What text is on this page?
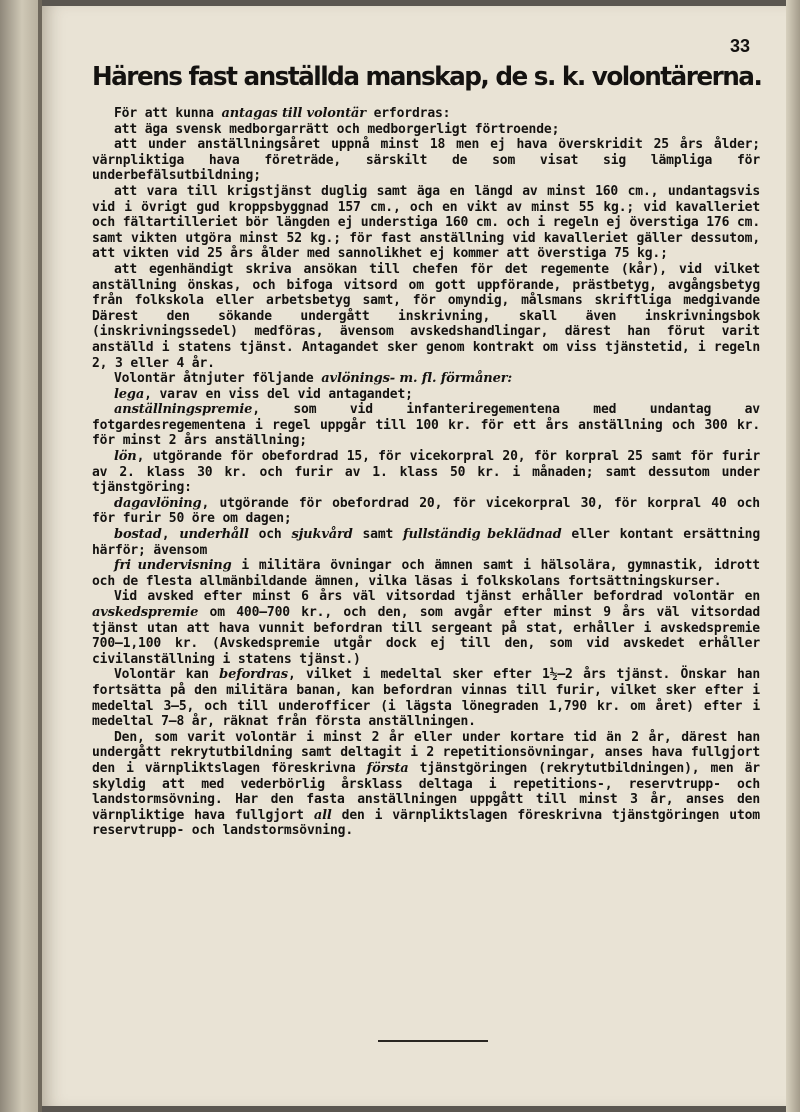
33
Härens fast anställda manskap, de s. k. volontärerna.

För att kunna antagas till volontär erfordras:

att äga svensk medborgarrätt och medborgerligt förtroende;

att under anställningsåret uppnå minst 18 men ej hava överskridit 25 års ålder; värnpliktiga hava företräde, särskilt de som visat sig lämpliga för underbefälsutbildning;

att vara till krigstjänst duglig samt äga en längd av minst 160 cm., undantagsvis vid i övrigt gud kroppsbyggnad 157 cm., och en vikt av minst 55 kg.; vid kavalleriet och fältartilleriet bör längden ej understiga 160 cm. och i regeln ej överstiga 176 cm. samt vikten utgöra minst 52 kg.; för fast anställning vid kavalleriet gäller dessutom, att vikten vid 25 års ålder med sannolikhet ej kommer att överstiga 75 kg.;

att egenhändigt skriva ansökan till chefen för det regemente (kår), vid vilket anställning önskas, och bifoga vitsord om gott uppförande, prästbetyg, avgångsbetyg från folkskola eller arbetsbetyg samt, för omyndig, målsmans skriftliga medgivande Därest den sökande undergått inskrivning, skall även inskrivningsbok (inskrivningssedel) medföras, ävensom avskedshandlingar, därest han förut varit anställd i statens tjänst. Antagandet sker genom kontrakt om viss tjänstetid, i regeln 2, 3 eller 4 år.

Volontär åtnjuter följande avlönings- m. fl. förmåner:

lega, varav en viss del vid antagandet;

anställningspremie, som vid infanteriregementena med undantag av fotgardesregementena i regel uppgår till 100 kr. för ett års anställning och 300 kr. för minst 2 års anställning;

lön, utgörande för obefordrad 15, för vicekorpral 20, för korpral 25 samt för furir av 2. klass 30 kr. och furir av 1. klass 50 kr. i månaden; samt dessutom under tjänstgöring:

dagavlöning, utgörande för obefordrad 20, för vicekorpral 30, för korpral 40 och för furir 50 öre om dagen;

bostad, underhåll och sjukvård samt fullständig beklädnad eller kontant ersättning härför; ävensom

fri undervisning i militära övningar och ämnen samt i hälsolära, gymnastik, idrott och de flesta allmänbildande ämnen, vilka läsas i folkskolans fortsättningskurser.

Vid avsked efter minst 6 års väl vitsordad tjänst erhåller befordrad volontär en avskedspremie om 400—700 kr., och den, som avgår efter minst 9 års väl vitsordad tjänst utan att hava vunnit befordran till sergeant på stat, erhåller i avskedspremie 700—1,100 kr. (Avskedspremie utgår dock ej till den, som vid avskedet erhåller civilanställning i statens tjänst.)

Volontär kan befordras, vilket i medeltal sker efter 1½—2 års tjänst. Önskar han fortsätta på den militära banan, kan befordran vinnas till furir, vilket sker efter i medeltal 3—5, och till underofficer (i lägsta lönegraden 1,790 kr. om året) efter i medeltal 7—8 år, räknat från första anställningen.

Den, som varit volontär i minst 2 år eller under kortare tid än 2 år, därest han undergått rekrytutbildning samt deltagit i 2 repetitionsövningar, anses hava fullgjort den i värnpliktslagen föreskrivna första tjänstgöringen (rekrytutbildningen), men är skyldig att med vederbörlig årsklass deltaga i repetitions-, reservtrupp- och landstormsövning. Har den fasta anställningen uppgått till minst 3 år, anses den värnpliktige hava fullgjort all den i värnpliktslagen föreskrivna tjänstgöringen utom reservtrupp- och landstormsövning.
